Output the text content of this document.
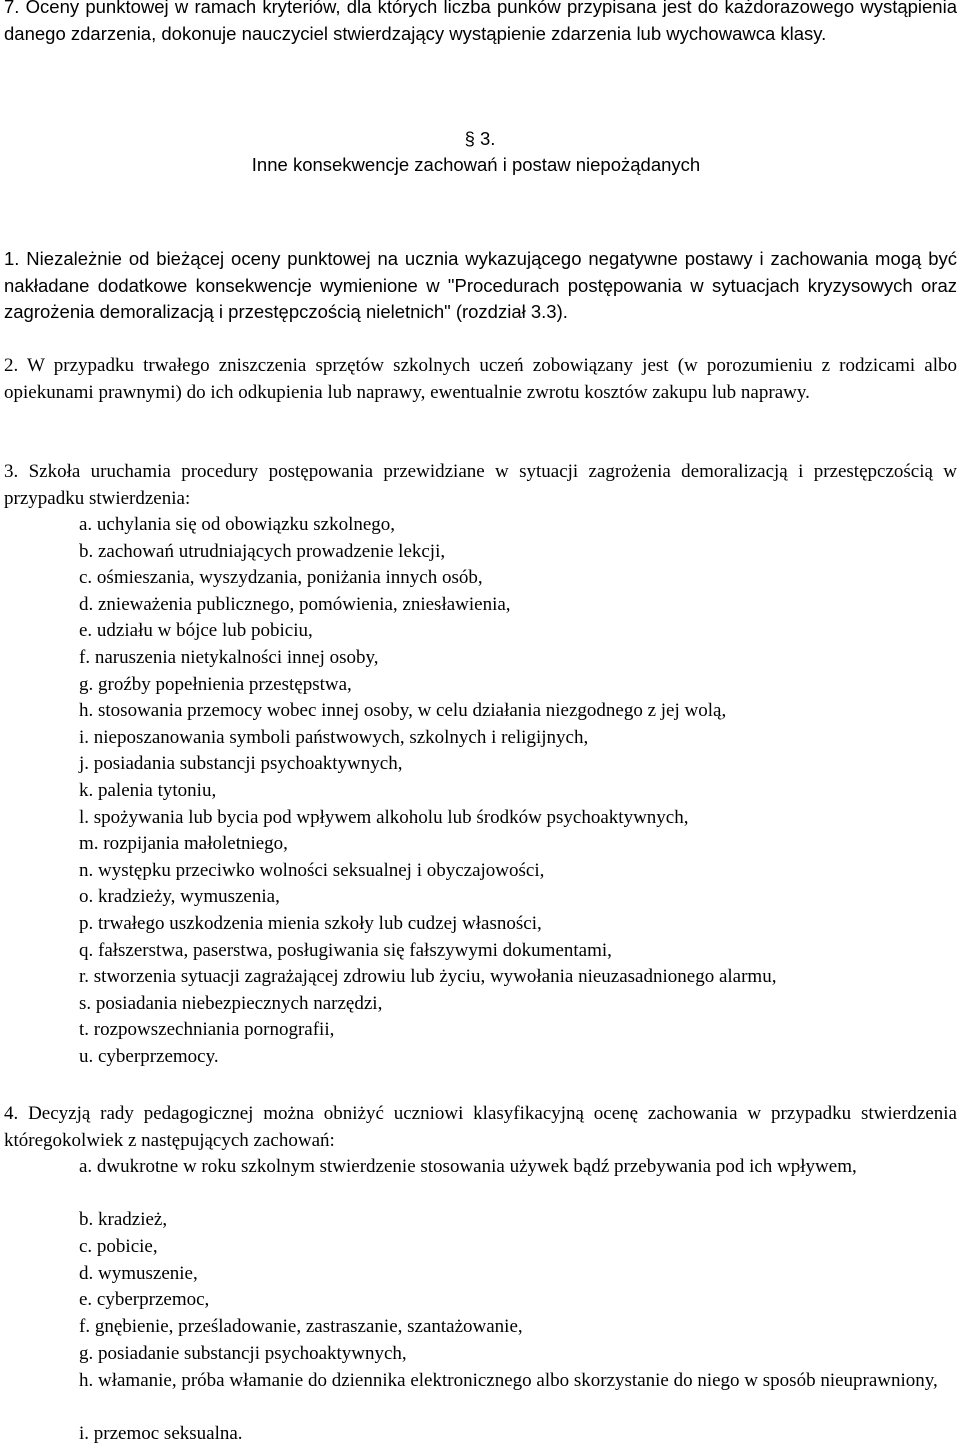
7. Oceny punktowej w ramach kryteriów, dla których liczba punków przypisana jest do każdorazowego wystąpienia danego zdarzenia, dokonuje nauczyciel stwierdzający wystąpienie zdarzenia lub wychowawca klasy.
§ 3.
Inne konsekwencje zachowań i postaw niepożądanych
1. Niezależnie od bieżącej oceny punktowej na ucznia wykazującego negatywne postawy i zachowania mogą być nakładane dodatkowe konsekwencje wymienione w "Procedurach postępowania w sytuacjach kryzysowych oraz zagrożenia demoralizacją i przestępczością nieletnich" (rozdział 3.3).
2. W przypadku trwałego zniszczenia sprzętów szkolnych uczeń zobowiązany jest (w porozumieniu z rodzicami albo opiekunami prawnymi) do ich odkupienia lub naprawy, ewentualnie zwrotu kosztów zakupu lub naprawy.
3. Szkoła uruchamia procedury postępowania przewidziane w sytuacji zagrożenia demoralizacją i przestępczością w przypadku stwierdzenia:
a. uchylania się od obowiązku szkolnego,
b. zachowań utrudniających prowadzenie lekcji,
c. ośmieszania, wyszydzania, poniżania innych osób,
d. znieważenia publicznego, pomówienia, zniesławienia,
e. udziału w bójce lub pobiciu,
f. naruszenia nietykalności innej osoby,
g. groźby popełnienia przestępstwa,
h. stosowania przemocy wobec innej osoby, w celu działania niezgodnego z jej wolą,
i. nieposzanowania symboli państwowych, szkolnych i religijnych,
j. posiadania substancji psychoaktywnych,
k. palenia tytoniu,
l. spożywania lub bycia pod wpływem alkoholu lub środków psychoaktywnych,
m. rozpijania małoletniego,
n. występku przeciwko wolności seksualnej i obyczajowości,
o. kradzieży, wymuszenia,
p. trwałego uszkodzenia mienia szkoły lub cudzej własności,
q. fałszerstwa, paserstwa, posługiwania się fałszywymi dokumentami,
r. stworzenia sytuacji zagrażającej zdrowiu lub życiu, wywołania nieuzasadnionego alarmu,
s. posiadania niebezpiecznych narzędzi,
t. rozpowszechniania pornografii,
u. cyberprzemocy.
4. Decyzją rady pedagogicznej można obniżyć uczniowi klasyfikacyjną ocenę zachowania w przypadku stwierdzenia któregokolwiek z następujących zachowań:
a. dwukrotne w roku szkolnym stwierdzenie stosowania używek bądź przebywania pod ich wpływem,
b. kradzież,
c. pobicie,
d. wymuszenie,
e. cyberprzemoc,
f. gnębienie, prześladowanie, zastraszanie, szantażowanie,
g. posiadanie substancji psychoaktywnych,
h. włamanie, próba włamanie do dziennika elektronicznego albo skorzystanie do niego w sposób nieuprawniony,
i. przemoc seksualna.
